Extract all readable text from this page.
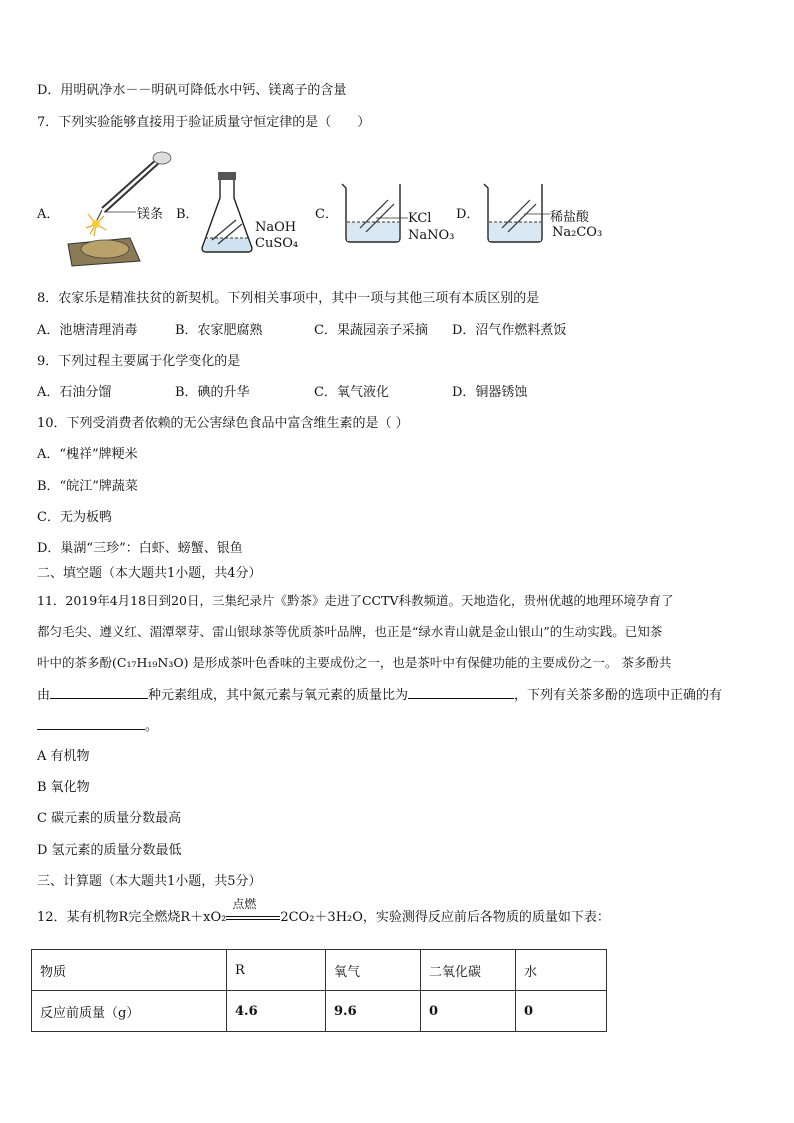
D．用明矾净水－－明矾可降低水中钙、镁离子的含量
7．下列实验能够直接用于验证质量守恒定律的是（　　）
A．	镁条 B．
NaOH
CuSO₄
C．	KCl
NaNO₃
D．	稀盐酸
Na₂CO₃
8．农家乐是精准扶贫的新契机。下列相关事项中，其中一项与其他三项有本质区别的是
A．池塘清理消毒	B．农家肥腐熟	C．果蔬园亲子采摘 D．沼气作燃料煮饭
9．下列过程主要属于化学变化的是
A．石油分馏	B．碘的升华	C．氧气液化	D．铜器锈蚀
10．下列受消费者依赖的无公害绿色食品中富含维生素的是（ ）
A．“槐祥”牌粳米
B．“皖江”牌蔬菜
C．无为板鸭
D．巢湖“三珍”：白虾、螃蟹、银鱼
二、填空题（本大题共1小题，共4分）
11．2019年4月18日到20日，三集纪录片《黔茶》走进了CCTV科教频道。天地造化，贵州优越的地理环境孕育了
都匀毛尖、遵义红、湄潭翠芽、雷山银球茶等优质茶叶品牌，也正是“绿水青山就是金山银山”的生动实践。已知茶
叶中的茶多酚(C₁₇H₁₉N₃O) 是形成茶叶色香味的主要成份之一，也是茶叶中有保健功能的主要成份之一。 茶多酚共
由	种元素组成，其中氮元素与氧元素的质量比为	，下列有关茶多酚的选项中正确的有
。
A 有机物
B 氧化物
C 碳元素的质量分数最高
D 氢元素的质量分数最低
三、计算题（本大题共1小题，共5分）
12．某有机物R完全燃烧R＋xO₂
点燃
2CO₂＋3H₂O，实验测得反应前后各物质的质量如下表：
物质	R	氧气	二氧化碳	水
反应前质量（g）	4.6	9.6	0	0
